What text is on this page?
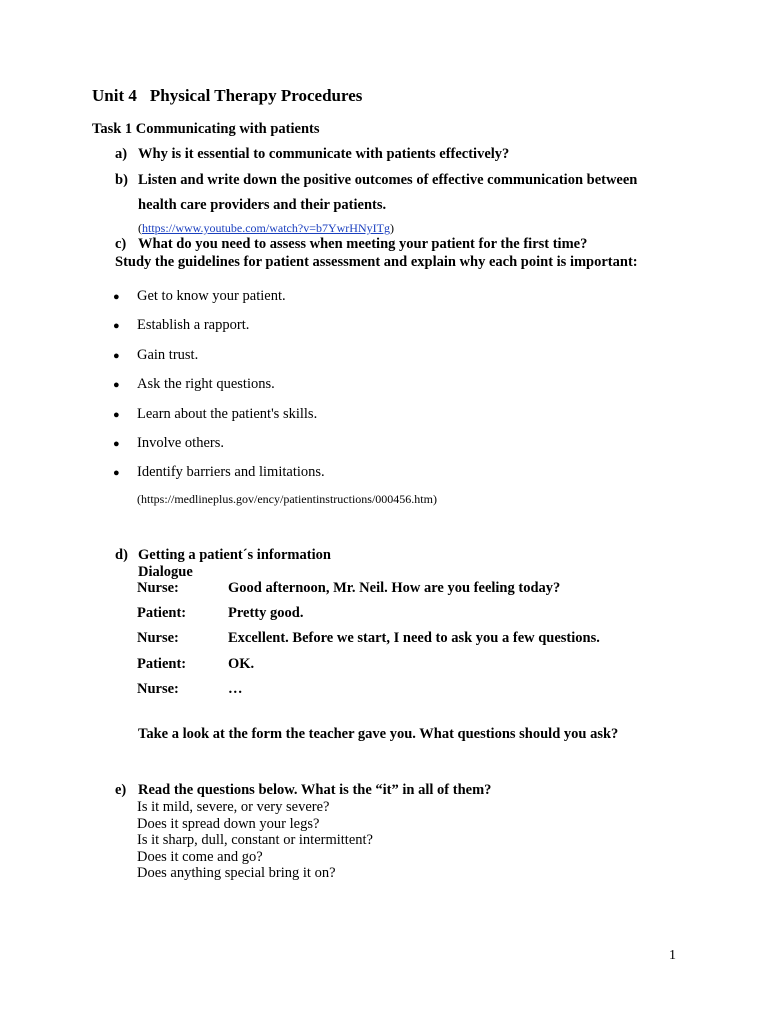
Unit 4 Physical Therapy Procedures
Task 1 Communicating with patients
a) Why is it essential to communicate with patients effectively?
b) Listen and write down the positive outcomes of effective communication between
health care providers and their patients.
(https://www.youtube.com/watch?v=b7YwrHNyITg)
c) What do you need to assess when meeting your patient for the first time?
Study the guidelines for patient assessment and explain why each point is important:
● Get to know your patient.
● Establish a rapport.
● Gain trust.
● Ask the right questions.
● Learn about the patient's skills.
● Involve others.
● Identify barriers and limitations.
(https://medlineplus.gov/ency/patientinstructions/000456.htm)
d) Getting a patient´s information
Dialogue
Nurse:	Good afternoon, Mr. Neil. How are you feeling today?
Patient:	Pretty good.
Nurse:	Excellent. Before we start, I need to ask you a few questions.
Patient:	OK.
Nurse:	…
Take a look at the form the teacher gave you. What questions should you ask?
e) Read the questions below. What is the “it” in all of them?
Is it mild, severe, or very severe?
Does it spread down your legs?
Is it sharp, dull, constant or intermittent?
Does it come and go?
Does anything special bring it on?
1
